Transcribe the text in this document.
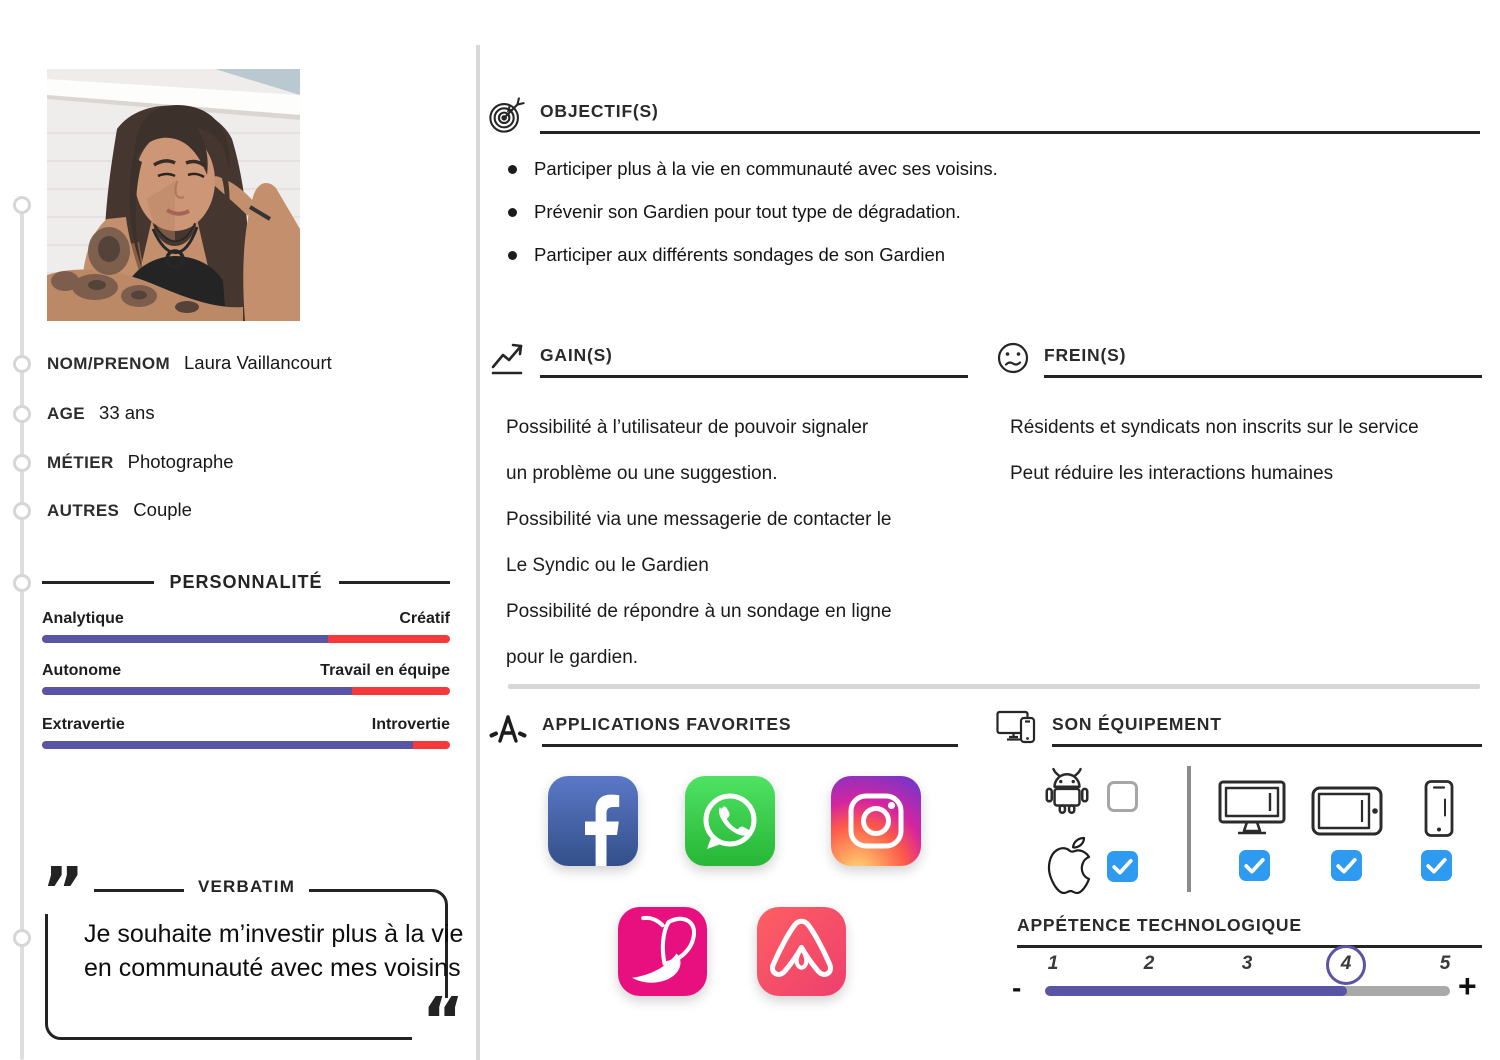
NOM/PRENOM Laura Vaillancourt
AGE 33 ans
MÉTIER Photographe
AUTRES Couple
PERSONNALITÉ
Analytique	Créatif
Autonome	Travail en équipe
Extravertie	Introvertie
VERBATIM
”
“
Je souhaite m’investir plus à la vie
en communauté avec mes voisins
OBJECTIF(S)
Participer plus à la vie en communauté avec ses voisins.
Prévenir son Gardien pour tout type de dégradation.
Participer aux différents sondages de son Gardien
GAIN(S)
Possibilité à l’utilisateur de pouvoir signaler
un problème ou une suggestion.
Possibilité via une messagerie de contacter le
Le Syndic ou le Gardien
Possibilité de répondre à un sondage en ligne
pour le gardien.
FREIN(S)
Résidents et syndicats non inscrits sur le service
Peut réduire les interactions humaines
APPLICATIONS FAVORITES	SON ÉQUIPEMENT
APPÉTENCE TECHNOLOGIQUE
1	2	3	4	5
-	+
